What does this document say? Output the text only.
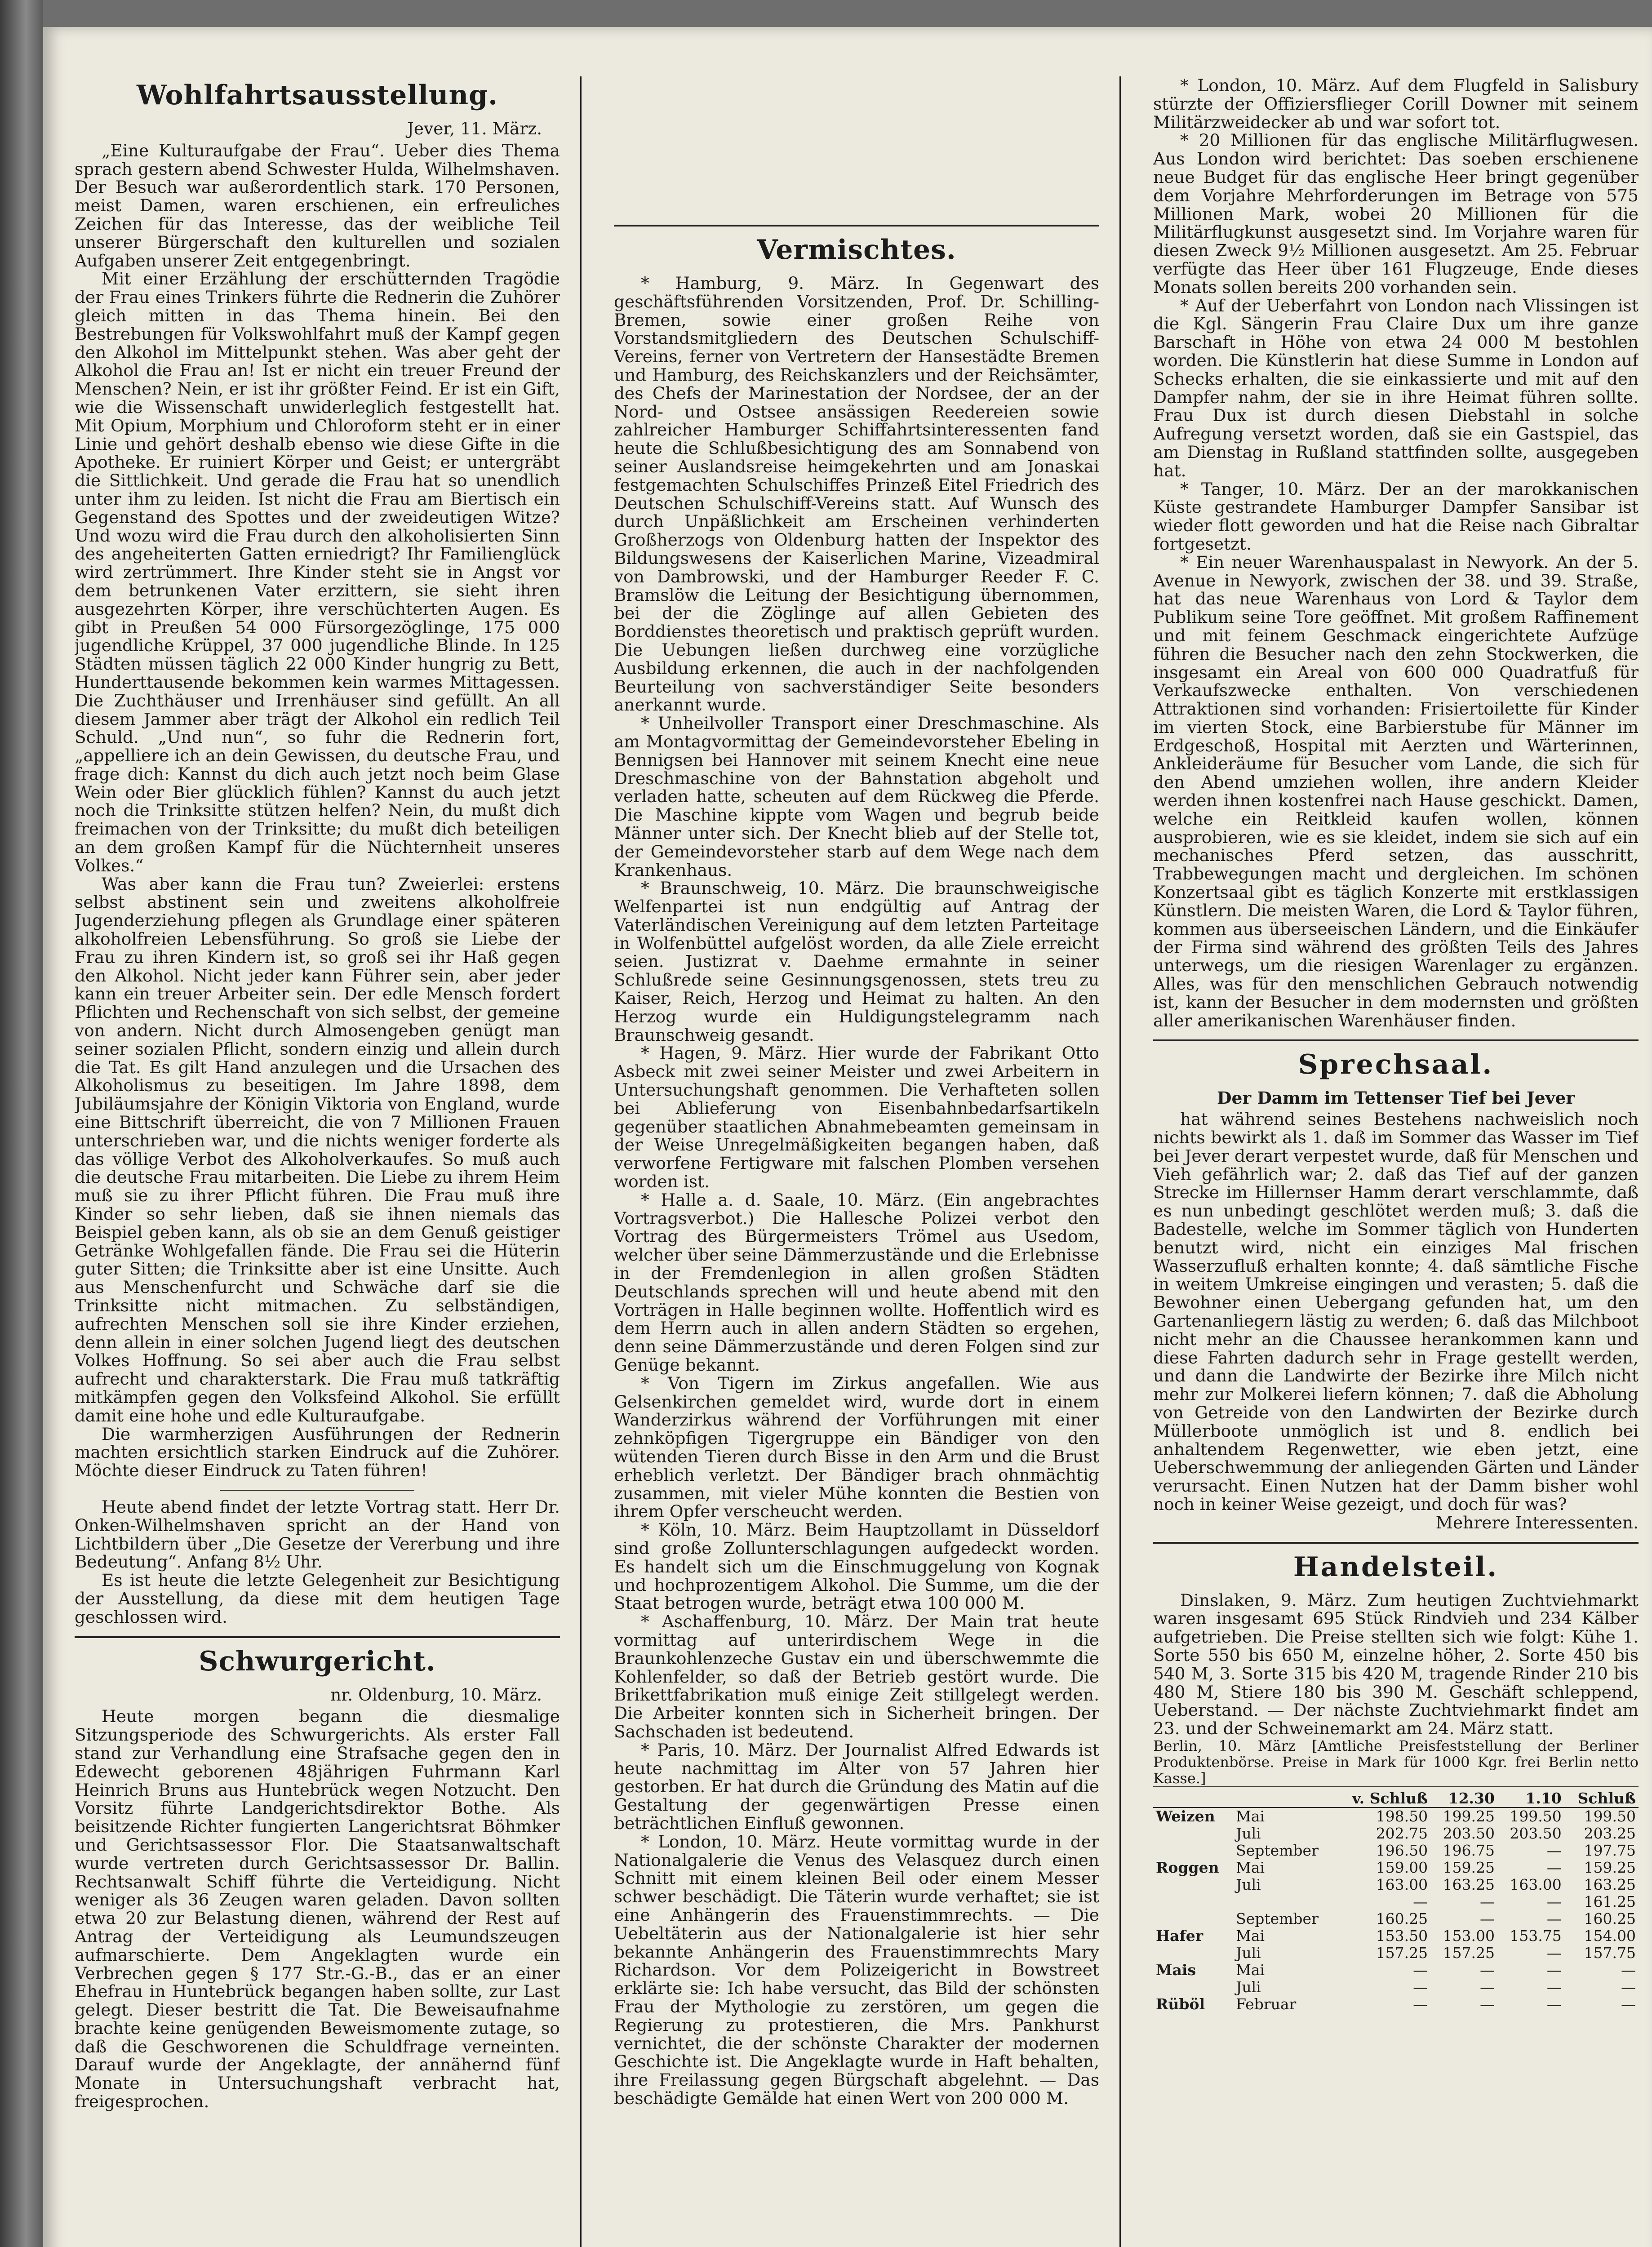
Wohlfahrtsausstellung.
Jever, 11. März.

„Eine Kulturaufgabe der Frau“. Ueber dies Thema sprach gestern abend Schwester Hulda, Wilhelmshaven. Der Besuch war außerordentlich stark. 170 Personen, meist Damen, waren erschienen, ein erfreuliches Zeichen für das Interesse, das der weibliche Teil unserer Bürgerschaft den kulturellen und sozialen Aufgaben unserer Zeit entgegenbringt.

Mit einer Erzählung der erschütternden Tragödie der Frau eines Trinkers führte die Rednerin die Zuhörer gleich mitten in das Thema hinein. Bei den Bestrebungen für Volkswohlfahrt muß der Kampf gegen den Alkohol im Mittelpunkt stehen. Was aber geht der Alkohol die Frau an! Ist er nicht ein treuer Freund der Menschen? Nein, er ist ihr größter Feind. Er ist ein Gift, wie die Wissenschaft unwiderleglich festgestellt hat. Mit Opium, Morphium und Chloroform steht er in einer Linie und gehört deshalb ebenso wie diese Gifte in die Apotheke. Er ruiniert Körper und Geist; er untergräbt die Sittlichkeit. Und gerade die Frau hat so unendlich unter ihm zu leiden. Ist nicht die Frau am Biertisch ein Gegenstand des Spottes und der zweideutigen Witze? Und wozu wird die Frau durch den alkoholisierten Sinn des angeheiterten Gatten erniedrigt? Ihr Familienglück wird zertrümmert. Ihre Kinder steht sie in Angst vor dem betrunkenen Vater erzittern, sie sieht ihren ausgezehrten Körper, ihre verschüchterten Augen. Es gibt in Preußen 54 000 Fürsorgezöglinge, 175 000 jugendliche Krüppel, 37 000 jugendliche Blinde. In 125 Städten müssen täglich 22 000 Kinder hungrig zu Bett, Hunderttausende bekommen kein warmes Mittagessen. Die Zuchthäuser und Irrenhäuser sind gefüllt. An all diesem Jammer aber trägt der Alkohol ein redlich Teil Schuld. „Und nun“, so fuhr die Rednerin fort, „appelliere ich an dein Gewissen, du deutsche Frau, und frage dich: Kannst du dich auch jetzt noch beim Glase Wein oder Bier glücklich fühlen? Kannst du auch jetzt noch die Trinksitte stützen helfen? Nein, du mußt dich freimachen von der Trinksitte; du mußt dich beteiligen an dem großen Kampf für die Nüchternheit unseres Volkes.“

Was aber kann die Frau tun? Zweierlei: erstens selbst abstinent sein und zweitens alkoholfreie Jugenderziehung pflegen als Grundlage einer späteren alkoholfreien Lebensführung. So groß sie Liebe der Frau zu ihren Kindern ist, so groß sei ihr Haß gegen den Alkohol. Nicht jeder kann Führer sein, aber jeder kann ein treuer Arbeiter sein. Der edle Mensch fordert Pflichten und Rechenschaft von sich selbst, der gemeine von andern. Nicht durch Almosengeben genügt man seiner sozialen Pflicht, sondern einzig und allein durch die Tat. Es gilt Hand anzulegen und die Ursachen des Alkoholismus zu beseitigen. Im Jahre 1898, dem Jubiläumsjahre der Königin Viktoria von England, wurde eine Bittschrift überreicht, die von 7 Millionen Frauen unterschrieben war, und die nichts weniger forderte als das völlige Verbot des Alkoholverkaufes. So muß auch die deutsche Frau mitarbeiten. Die Liebe zu ihrem Heim muß sie zu ihrer Pflicht führen. Die Frau muß ihre Kinder so sehr lieben, daß sie ihnen niemals das Beispiel geben kann, als ob sie an dem Genuß geistiger Getränke Wohlgefallen fände. Die Frau sei die Hüterin guter Sitten; die Trinksitte aber ist eine Unsitte. Auch aus Menschenfurcht und Schwäche darf sie die Trinksitte nicht mitmachen. Zu selbständigen, aufrechten Menschen soll sie ihre Kinder erziehen, denn allein in einer solchen Jugend liegt des deutschen Volkes Hoffnung. So sei aber auch die Frau selbst aufrecht und charakterstark. Die Frau muß tatkräftig mitkämpfen gegen den Volksfeind Alkohol. Sie erfüllt damit eine hohe und edle Kulturaufgabe.

Die warmherzigen Ausführungen der Rednerin machten ersichtlich starken Eindruck auf die Zuhörer. Möchte dieser Eindruck zu Taten führen!

Heute abend findet der letzte Vortrag statt. Herr Dr. Onken-Wilhelmshaven spricht an der Hand von Lichtbildern über „Die Gesetze der Vererbung und ihre Bedeutung“. Anfang 8½ Uhr.

Es ist heute die letzte Gelegenheit zur Besichtigung der Ausstellung, da diese mit dem heutigen Tage geschlossen wird.

Schwurgericht.
nr. Oldenburg, 10. März.

Heute morgen begann die diesmalige Sitzungsperiode des Schwurgerichts. Als erster Fall stand zur Verhandlung eine Strafsache gegen den in Edewecht geborenen 48jährigen Fuhrmann Karl Heinrich Bruns aus Huntebrück wegen Notzucht. Den Vorsitz führte Landgerichtsdirektor Bothe. Als beisitzende Richter fungierten Langerichtsrat Böhmker und Gerichtsassessor Flor. Die Staatsanwaltschaft wurde vertreten durch Gerichtsassessor Dr. Ballin. Rechtsanwalt Schiff führte die Verteidigung. Nicht weniger als 36 Zeugen waren geladen. Davon sollten etwa 20 zur Belastung dienen, während der Rest auf Antrag der Verteidigung als Leumundszeugen aufmarschierte. Dem Angeklagten wurde ein Verbrechen gegen § 177 Str.-G.-B., das er an einer Ehefrau in Huntebrück begangen haben sollte, zur Last gelegt. Dieser bestritt die Tat. Die Beweisaufnahme brachte keine genügenden Beweismomente zutage, so daß die Geschworenen die Schuldfrage verneinten. Darauf wurde der Angeklagte, der annähernd fünf Monate in Untersuchungshaft verbracht hat, freigesprochen.

Vermischtes.

* Hamburg, 9. März. In Gegenwart des geschäftsführenden Vorsitzenden, Prof. Dr. Schilling-Bremen, sowie einer großen Reihe von Vorstandsmitgliedern des Deutschen Schulschiff-Vereins, ferner von Vertretern der Hansestädte Bremen und Hamburg, des Reichskanzlers und der Reichsämter, des Chefs der Marinestation der Nordsee, der an der Nord- und Ostsee ansässigen Reedereien sowie zahlreicher Hamburger Schiffahrtsinteressenten fand heute die Schlußbesichtigung des am Sonnabend von seiner Auslandsreise heimgekehrten und am Jonaskai festgemachten Schulschiffes Prinzeß Eitel Friedrich des Deutschen Schulschiff-Vereins statt. Auf Wunsch des durch Unpäßlichkeit am Erscheinen verhinderten Großherzogs von Oldenburg hatten der Inspektor des Bildungswesens der Kaiserlichen Marine, Vizeadmiral von Dambrowski, und der Hamburger Reeder F. C. Bramslöw die Leitung der Besichtigung übernommen, bei der die Zöglinge auf allen Gebieten des Borddienstes theoretisch und praktisch geprüft wurden. Die Uebungen ließen durchweg eine vorzügliche Ausbildung erkennen, die auch in der nachfolgenden Beurteilung von sachverständiger Seite besonders anerkannt wurde.

* Unheilvoller Transport einer Dreschmaschine. Als am Montagvormittag der Gemeindevorsteher Ebeling in Bennigsen bei Hannover mit seinem Knecht eine neue Dreschmaschine von der Bahnstation abgeholt und verladen hatte, scheuten auf dem Rückweg die Pferde. Die Maschine kippte vom Wagen und begrub beide Männer unter sich. Der Knecht blieb auf der Stelle tot, der Gemeindevorsteher starb auf dem Wege nach dem Krankenhaus.

* Braunschweig, 10. März. Die braunschweigische Welfenpartei ist nun endgültig auf Antrag der Vaterländischen Vereinigung auf dem letzten Parteitage in Wolfenbüttel aufgelöst worden, da alle Ziele erreicht seien. Justizrat v. Daehme ermahnte in seiner Schlußrede seine Gesinnungsgenossen, stets treu zu Kaiser, Reich, Herzog und Heimat zu halten. An den Herzog wurde ein Huldigungstelegramm nach Braunschweig gesandt.

* Hagen, 9. März. Hier wurde der Fabrikant Otto Asbeck mit zwei seiner Meister und zwei Arbeitern in Untersuchungshaft genommen. Die Verhafteten sollen bei Ablieferung von Eisenbahnbedarfsartikeln gegenüber staatlichen Abnahmebeamten gemeinsam in der Weise Unregelmäßigkeiten begangen haben, daß verworfene Fertigware mit falschen Plomben versehen worden ist.

* Halle a. d. Saale, 10. März. (Ein angebrachtes Vortragsverbot.) Die Hallesche Polizei verbot den Vortrag des Bürgermeisters Trömel aus Usedom, welcher über seine Dämmerzustände und die Erlebnisse in der Fremdenlegion in allen großen Städten Deutschlands sprechen will und heute abend mit den Vorträgen in Halle beginnen wollte. Hoffentlich wird es dem Herrn auch in allen andern Städten so ergehen, denn seine Dämmerzustände und deren Folgen sind zur Genüge bekannt.

* Von Tigern im Zirkus angefallen. Wie aus Gelsenkirchen gemeldet wird, wurde dort in einem Wanderzirkus während der Vorführungen mit einer zehnköpfigen Tigergruppe ein Bändiger von den wütenden Tieren durch Bisse in den Arm und die Brust erheblich verletzt. Der Bändiger brach ohnmächtig zusammen, mit vieler Mühe konnten die Bestien von ihrem Opfer verscheucht werden.

* Köln, 10. März. Beim Hauptzollamt in Düsseldorf sind große Zollunterschlagungen aufgedeckt worden. Es handelt sich um die Einschmuggelung von Kognak und hochprozentigem Alkohol. Die Summe, um die der Staat betrogen wurde, beträgt etwa 100 000 M.

* Aschaffenburg, 10. März. Der Main trat heute vormittag auf unterirdischem Wege in die Braunkohlenzeche Gustav ein und überschwemmte die Kohlenfelder, so daß der Betrieb gestört wurde. Die Brikettfabrikation muß einige Zeit stillgelegt werden. Die Arbeiter konnten sich in Sicherheit bringen. Der Sachschaden ist bedeutend.

* Paris, 10. März. Der Journalist Alfred Edwards ist heute nachmittag im Alter von 57 Jahren hier gestorben. Er hat durch die Gründung des Matin auf die Gestaltung der gegenwärtigen Presse einen beträchtlichen Einfluß gewonnen.

* London, 10. März. Heute vormittag wurde in der Nationalgalerie die Venus des Velasquez durch einen Schnitt mit einem kleinen Beil oder einem Messer schwer beschädigt. Die Täterin wurde verhaftet; sie ist eine Anhängerin des Frauenstimmrechts. — Die Uebeltäterin aus der Nationalgalerie ist hier sehr bekannte Anhängerin des Frauenstimmrechts Mary Richardson. Vor dem Polizeigericht in Bowstreet erklärte sie: Ich habe versucht, das Bild der schönsten Frau der Mythologie zu zerstören, um gegen die Regierung zu protestieren, die Mrs. Pankhurst vernichtet, die der schönste Charakter der modernen Geschichte ist. Die Angeklagte wurde in Haft behalten, ihre Freilassung gegen Bürgschaft abgelehnt. — Das beschädigte Gemälde hat einen Wert von 200 000 M.

* London, 10. März. Auf dem Flugfeld in Salisbury stürzte der Offiziersflieger Corill Downer mit seinem Militärzweidecker ab und war sofort tot.

* 20 Millionen für das englische Militärflugwesen. Aus London wird berichtet: Das soeben erschienene neue Budget für das englische Heer bringt gegenüber dem Vorjahre Mehrforderungen im Betrage von 575 Millionen Mark, wobei 20 Millionen für die Militärflugkunst ausgesetzt sind. Im Vorjahre waren für diesen Zweck 9½ Millionen ausgesetzt. Am 25. Februar verfügte das Heer über 161 Flugzeuge, Ende dieses Monats sollen bereits 200 vorhanden sein.

* Auf der Ueberfahrt von London nach Vlissingen ist die Kgl. Sängerin Frau Claire Dux um ihre ganze Barschaft in Höhe von etwa 24 000 M bestohlen worden. Die Künstlerin hat diese Summe in London auf Schecks erhalten, die sie einkassierte und mit auf den Dampfer nahm, der sie in ihre Heimat führen sollte. Frau Dux ist durch diesen Diebstahl in solche Aufregung versetzt worden, daß sie ein Gastspiel, das am Dienstag in Rußland stattfinden sollte, ausgegeben hat.

* Tanger, 10. März. Der an der marokkanischen Küste gestrandete Hamburger Dampfer Sansibar ist wieder flott geworden und hat die Reise nach Gibraltar fortgesetzt.

* Ein neuer Warenhauspalast in Newyork. An der 5. Avenue in Newyork, zwischen der 38. und 39. Straße, hat das neue Warenhaus von Lord & Taylor dem Publikum seine Tore geöffnet. Mit großem Raffinement und mit feinem Geschmack eingerichtete Aufzüge führen die Besucher nach den zehn Stockwerken, die insgesamt ein Areal von 600 000 Quadratfuß für Verkaufszwecke enthalten. Von verschiedenen Attraktionen sind vorhanden: Frisiertoilette für Kinder im vierten Stock, eine Barbierstube für Männer im Erdgeschoß, Hospital mit Aerzten und Wärterinnen, Ankleideräume für Besucher vom Lande, die sich für den Abend umziehen wollen, ihre andern Kleider werden ihnen kostenfrei nach Hause geschickt. Damen, welche ein Reitkleid kaufen wollen, können ausprobieren, wie es sie kleidet, indem sie sich auf ein mechanisches Pferd setzen, das ausschritt, Trabbewegungen macht und dergleichen. Im schönen Konzertsaal gibt es täglich Konzerte mit erstklassigen Künstlern. Die meisten Waren, die Lord & Taylor führen, kommen aus überseeischen Ländern, und die Einkäufer der Firma sind während des größten Teils des Jahres unterwegs, um die riesigen Warenlager zu ergänzen. Alles, was für den menschlichen Gebrauch notwendig ist, kann der Besucher in dem modernsten und größten aller amerikanischen Warenhäuser finden.

Sprechsaal.

Der Damm im Tettenser Tief bei Jever

hat während seines Bestehens nachweislich noch nichts bewirkt als 1. daß im Sommer das Wasser im Tief bei Jever derart verpestet wurde, daß für Menschen und Vieh gefährlich war; 2. daß das Tief auf der ganzen Strecke im Hillernser Hamm derart verschlammte, daß es nun unbedingt geschlötet werden muß; 3. daß die Badestelle, welche im Sommer täglich von Hunderten benutzt wird, nicht ein einziges Mal frischen Wasserzufluß erhalten konnte; 4. daß sämtliche Fische in weitem Umkreise eingingen und verasten; 5. daß die Bewohner einen Uebergang gefunden hat, um den Gartenanliegern lästig zu werden; 6. daß das Milchboot nicht mehr an die Chaussee herankommen kann und diese Fahrten dadurch sehr in Frage gestellt werden, und dann die Landwirte der Bezirke ihre Milch nicht mehr zur Molkerei liefern können; 7. daß die Abholung von Getreide von den Landwirten der Bezirke durch Müllerboote unmöglich ist und 8. endlich bei anhaltendem Regenwetter, wie eben jetzt, eine Ueberschwemmung der anliegenden Gärten und Länder verursacht. Einen Nutzen hat der Damm bisher wohl noch in keiner Weise gezeigt, und doch für was?

Mehrere Interessenten.
Handelsteil.

Dinslaken, 9. März. Zum heutigen Zuchtviehmarkt waren insgesamt 695 Stück Rindvieh und 234 Kälber aufgetrieben. Die Preise stellten sich wie folgt: Kühe 1. Sorte 550 bis 650 M, einzelne höher, 2. Sorte 450 bis 540 M, 3. Sorte 315 bis 420 M, tragende Rinder 210 bis 480 M, Stiere 180 bis 390 M. Geschäft schleppend, Ueberstand. — Der nächste Zuchtviehmarkt findet am 23. und der Schweinemarkt am 24. März statt.

Berlin, 10. März [Amtliche Preisfeststellung der Berliner Produktenbörse. Preise in Mark für 1000 Kgr. frei Berlin netto Kasse.]

		v. Schluß	12.30	1.10	Schluß
Weizen	Mai	198.50	199.25	199.50	199.50
	Juli	202.75	203.50	203.50	203.25
	September	196.50	196.75	—	197.75
Roggen	Mai	159.00	159.25	—	159.25
	Juli	163.00	163.25	163.00	163.25
		—	—	—	161.25
	September	160.25	—	—	160.25
Hafer	Mai	153.50	153.00	153.75	154.00
	Juli	157.25	157.25	—	157.75
Mais	Mai	—	—	—	—
	Juli	—	—	—	—
Rüböl	Februar	—	—	—	—
